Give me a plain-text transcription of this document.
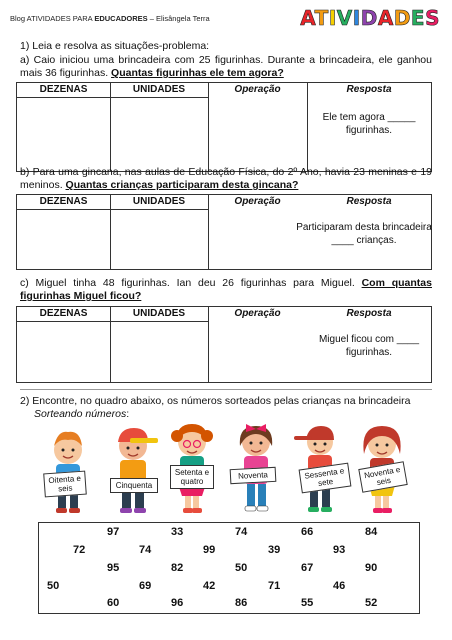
Blog ATIVIDADES PARA EDUCADORES – Elisângela Terra	ATIVIDADES
1) Leia e resolva as situações-problema:
a) Caio iniciou uma brincadeira com 25 figurinhas. Durante a brincadeira, ele ganhou mais 36 figurinhas. Quantas figurinhas ele tem agora?
DEZENAS	UNIDADES	Operação	Resposta
Ele tem agora _____
figurinhas.
b) Para uma gincana, nas aulas de Educação Física, do 2º Ano, havia 23 meninas e 19 meninos. Quantas crianças participaram desta gincana?
DEZENAS	UNIDADES	Operação	Resposta
Participaram desta brincadeira
____ crianças.
c) Miguel tinha 48 figurinhas. Ian deu 26 figurinhas para Miguel. Com quantas figurinhas Miguel ficou?
DEZENAS	UNIDADES	Operação	Resposta
Miguel ficou com ____
figurinhas.
2) Encontre, no quadro abaixo, os números sorteados pelas crianças na brincadeira
Sorteando números:
Oitenta e seis	Cinquenta
Setenta e quatro
Noventa	Sessenta e sete
Noventa e seis
97	33	74	66	84
72	74	99	39	93
95	82	50	67	90
50	69	42	71	46
60	96	86	55	52
